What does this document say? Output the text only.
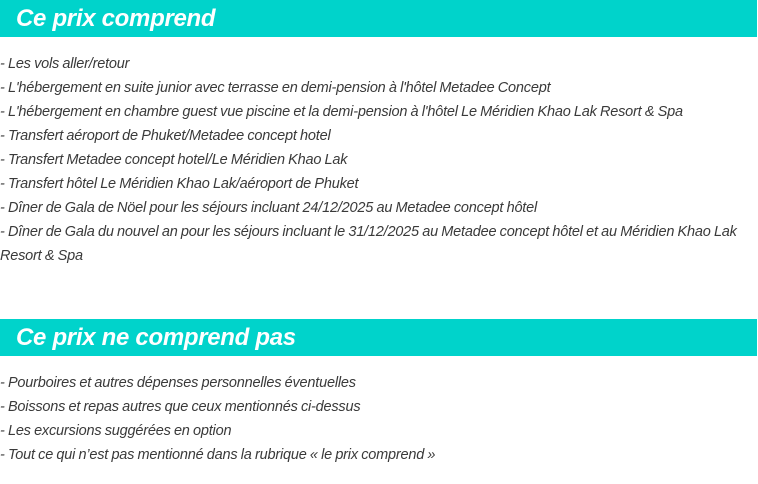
Ce prix comprend
- Les vols aller/retour
- L'hébergement en suite junior avec terrasse en demi-pension à l'hôtel Metadee Concept
- L'hébergement en chambre guest vue piscine et la demi-pension à l'hôtel Le Méridien Khao Lak Resort & Spa
- Transfert aéroport de Phuket/Metadee concept hotel
- Transfert Metadee concept hotel/Le Méridien Khao Lak
- Transfert hôtel Le Méridien Khao Lak/aéroport de Phuket
- Dîner de Gala de Nöel pour les séjours incluant 24/12/2025 au Metadee concept hôtel
- Dîner de Gala du nouvel an pour les séjours incluant le 31/12/2025 au Metadee concept hôtel et au Méridien Khao Lak Resort & Spa
Ce prix ne comprend pas
- Pourboires et autres dépenses personnelles éventuelles
- Boissons et repas autres que ceux mentionnés ci-dessus
- Les excursions suggérées en option
- Tout ce qui n’est pas mentionné dans la rubrique « le prix comprend »
